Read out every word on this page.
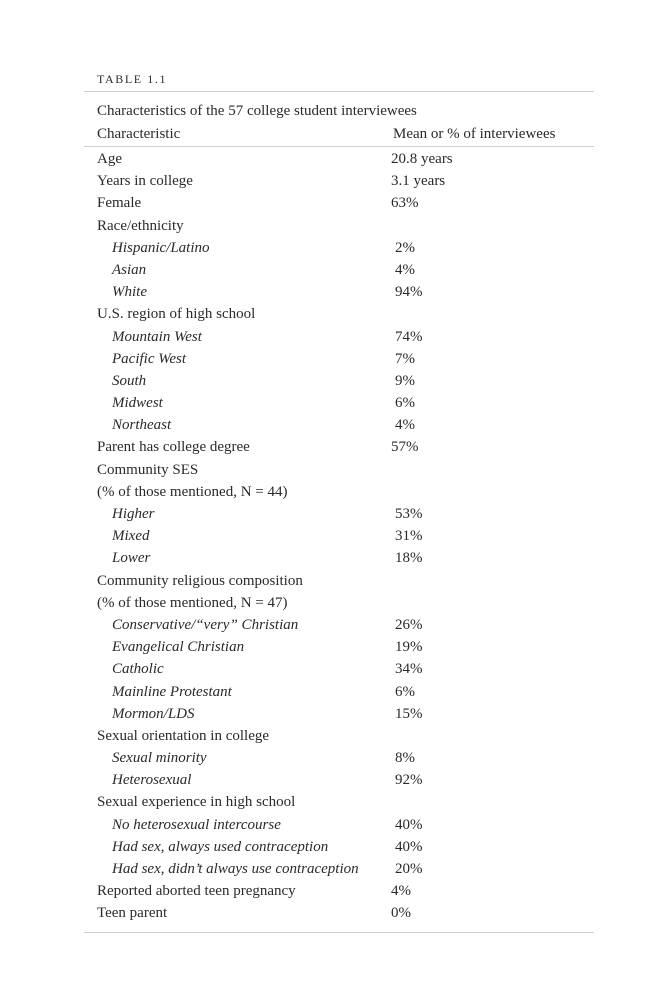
TABLE 1.1
Characteristics of the 57 college student interviewees
Characteristic	Mean or % of interviewees
Age	20.8 years
Years in college	3.1 years
Female	63%
Race/ethnicity
Hispanic/Latino	2%
Asian	4%
White	94%
U.S. region of high school
Mountain West	74%
Pacific West	7%
South	9%
Midwest	6%
Northeast	4%
Parent has college degree	57%
Community SES
(% of those mentioned, N = 44)
Higher	53%
Mixed	31%
Lower	18%
Community religious composition
(% of those mentioned, N = 47)
Conservative/“very” Christian	26%
Evangelical Christian	19%
Catholic	34%
Mainline Protestant	6%
Mormon/LDS	15%
Sexual orientation in college
Sexual minority	8%
Heterosexual	92%
Sexual experience in high school
No heterosexual intercourse	40%
Had sex, always used contraception	40%
Had sex, didn’t always use contraception 20%
Reported aborted teen pregnancy	4%
Teen parent	0%
